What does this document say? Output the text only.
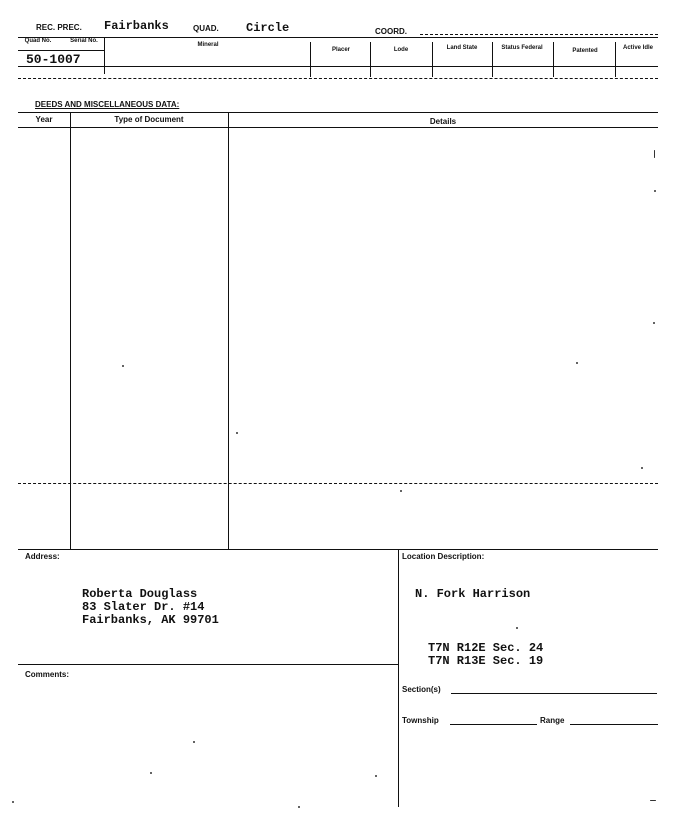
REC. PREC. Fairbanks	QUAD. Circle	COORD.
Quad No.	Serial No.
Mineral
Placer	Lode	Land State	Status Federal	Patented	Active Idle
50-1007
DEEDS AND MISCELLANEOUS DATA:
Year	Type of Document	Details
Address:
Roberta Douglass
83 Slater Dr. #14
Fairbanks, AK 99701
Comments:
Location Description:
N. Fork Harrison
T7N R12E Sec. 24
T7N R13E Sec. 19
Section(s)
Township	Range
